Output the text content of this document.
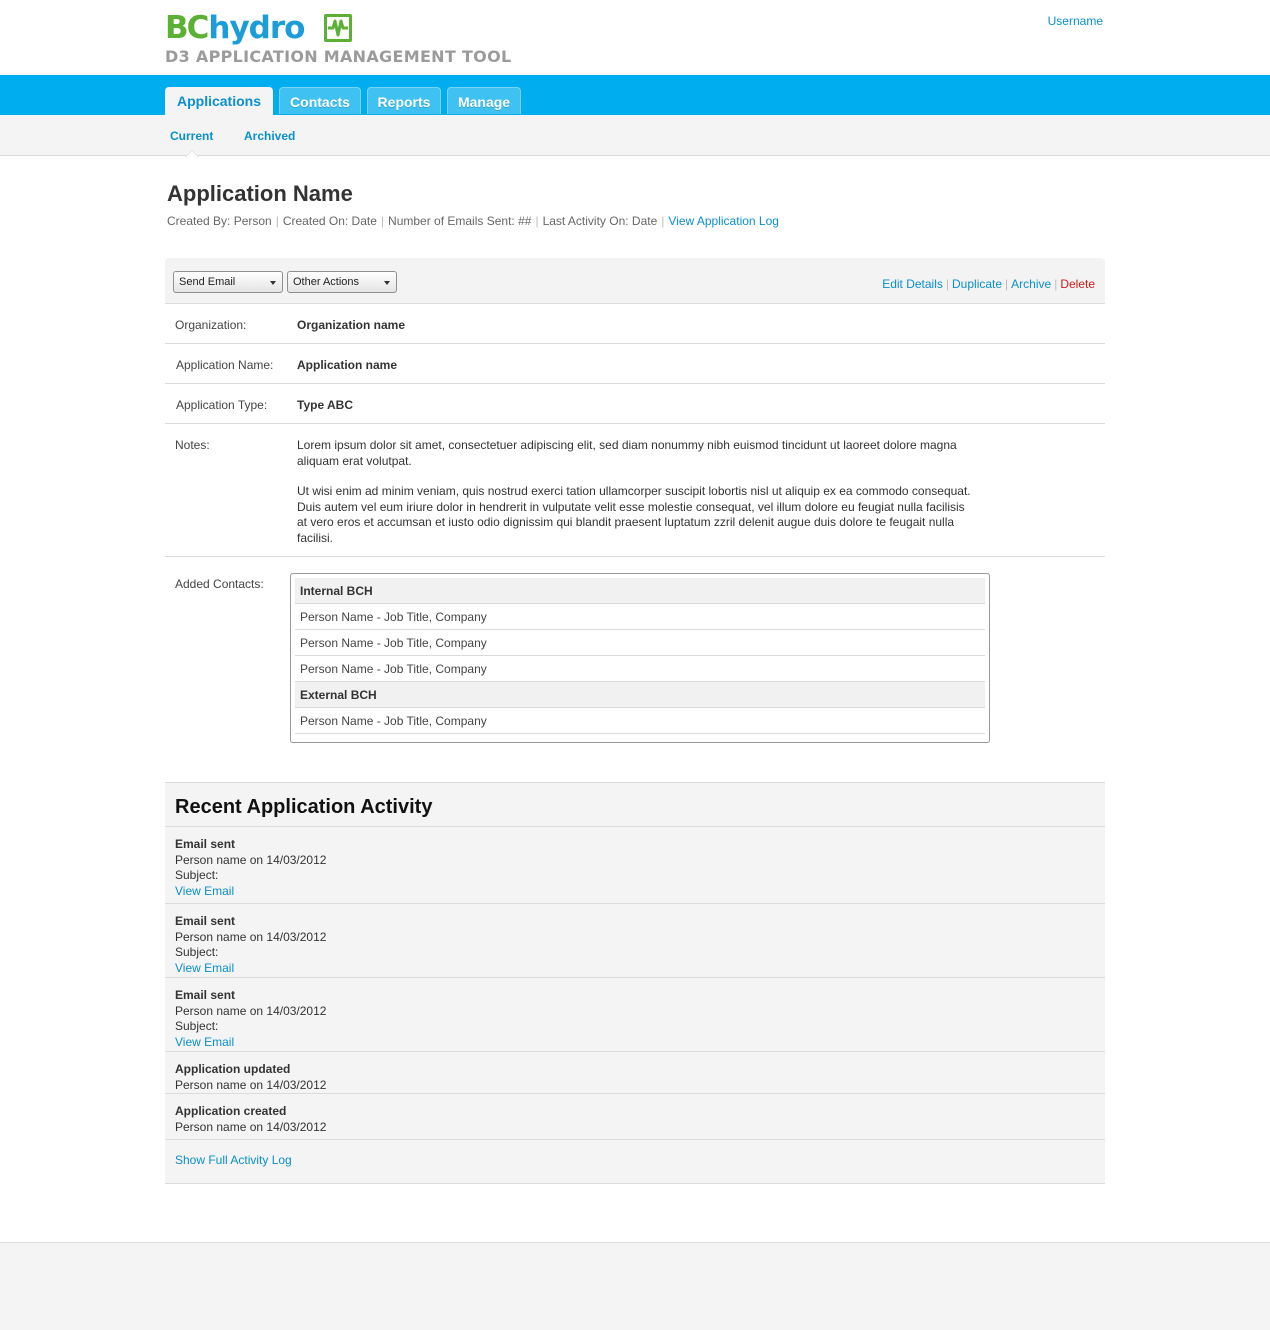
BC hydro
D3 APPLICATION MANAGEMENT TOOL
Username
Applications	Contacts	Reports	Manage
Current	Archived
Application Name
Created By: Person | Created On: Date | Number of Emails Sent: ## | Last Activity On: Date | View Application Log
Send Email	Other Actions	Edit Details | Duplicate | Archive | Delete
Organization:	Organization name
Application Name: Application name
Application Type: Type ABC
Notes:	Lorem ipsum dolor sit amet, consectetuer adipiscing elit, sed diam nonummy nibh euismod tincidunt ut laoreet dolore magna aliquam erat volutpat.

Ut wisi enim ad minim veniam, quis nostrud exerci tation ullamcorper suscipit lobortis nisl ut aliquip ex ea commodo consequat. Duis autem vel eum iriure dolor in hendrerit in vulputate velit esse molestie consequat, vel illum dolore eu feugiat nulla facilisis at vero eros et accumsan et iusto odio dignissim qui blandit praesent luptatum zzril delenit augue duis dolore te feugait nulla facilisi.

Added Contacts:	Internal BCH
Person Name - Job Title, Company
Person Name - Job Title, Company
Person Name - Job Title, Company
External BCH
Person Name - Job Title, Company
Recent Application Activity
Email sent
Person name on 14/03/2012
Subject:
View Email
Email sent
Person name on 14/03/2012
Subject:
View Email
Email sent
Person name on 14/03/2012
Subject:
View Email
Application updated
Person name on 14/03/2012
Application created
Person name on 14/03/2012
Show Full Activity Log
